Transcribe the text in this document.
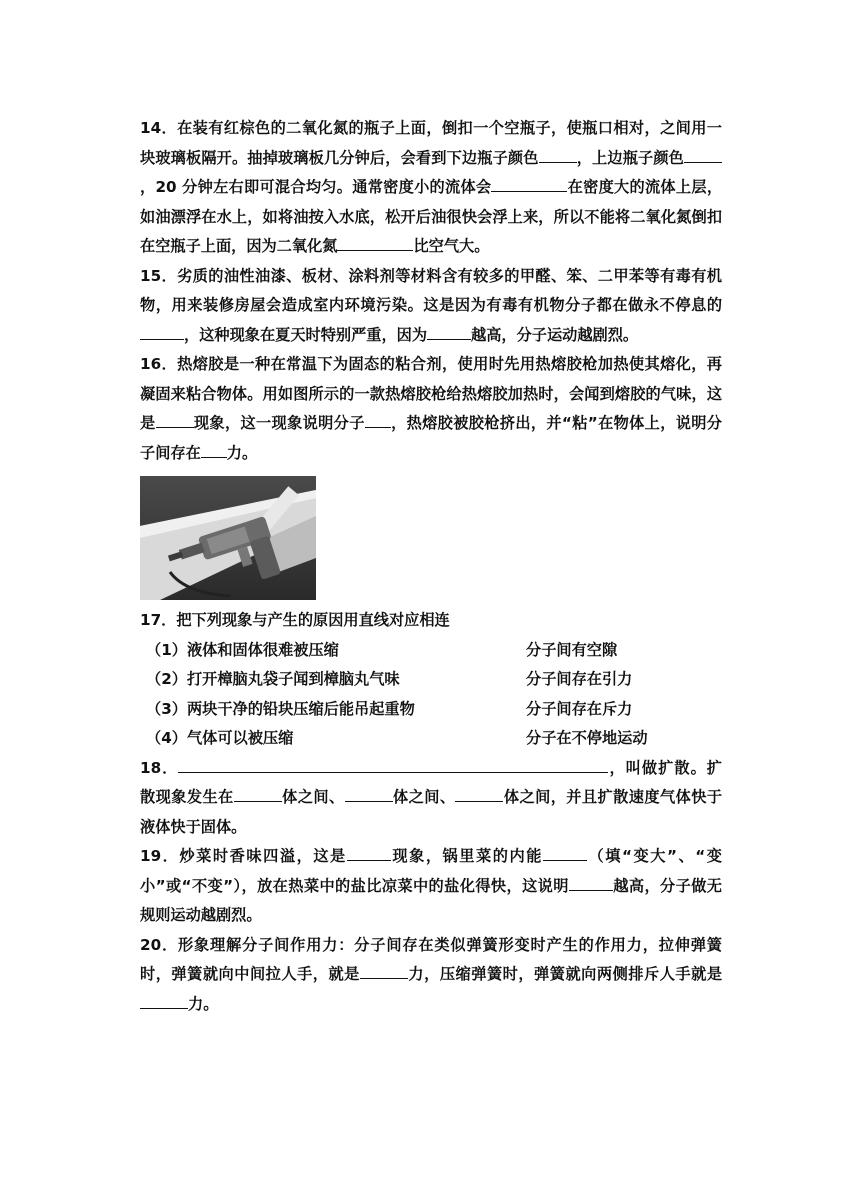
14．在装有红棕色的二氧化氮的瓶子上面，倒扣一个空瓶子，使瓶口相对，之间用一块玻璃板隔开。抽掉玻璃板几分钟后，会看到下边瓶子颜色	，上边瓶子颜色，20 分钟左右即可混合均匀。通常密度小的流体会	在密度大的流体上层，如油漂浮在水上，如将油按入水底，松开后油很快会浮上来，所以不能将二氧化氮倒扣在空瓶子上面，因为二氧化氮	比空气大。

15．劣质的油性油漆、板材、涂料剂等材料含有较多的甲醛、笨、二甲苯等有毒有机物，用来装修房屋会造成室内环境污染。这是因为有毒有机物分子都在做永不停息的，这种现象在夏天时特别严重，因为	越高，分子运动越剧烈。

16．热熔胶是一种在常温下为固态的粘合剂，使用时先用热熔胶枪加热使其熔化，再凝固来粘合物体。用如图所示的一款热熔胶枪给热熔胶加热时，会闻到熔胶的气味，这是	现象，这一现象说明分子 ，热熔胶被胶枪挤出，并“粘”在物体上，说明分子间存在 力。

17．把下列现象与产生的原因用直线对应相连

（1）液体和固体很难被压缩	分子间有空隙
（2）打开樟脑丸袋子闻到樟脑丸气味	分子间存在引力
（3）两块干净的铅块压缩后能吊起重物	分子间存在斥力
（4）气体可以被压缩	分子在不停地运动

18．	，叫做扩散。扩散现象发生在	体之间、	体之间、	体之间，并且扩散速度气体快于液体快于固体。

19．炒菜时香味四溢，这是	现象，锅里菜的内能	（填“变大”、“变小”或“不变”），放在热菜中的盐比凉菜中的盐化得快，这说明	越高，分子做无规则运动越剧烈。

20．形象理解分子间作用力：分子间存在类似弹簧形变时产生的作用力，拉伸弹簧时，弹簧就向中间拉人手，就是	力，压缩弹簧时，弹簧就向两侧排斥人手就是力。
